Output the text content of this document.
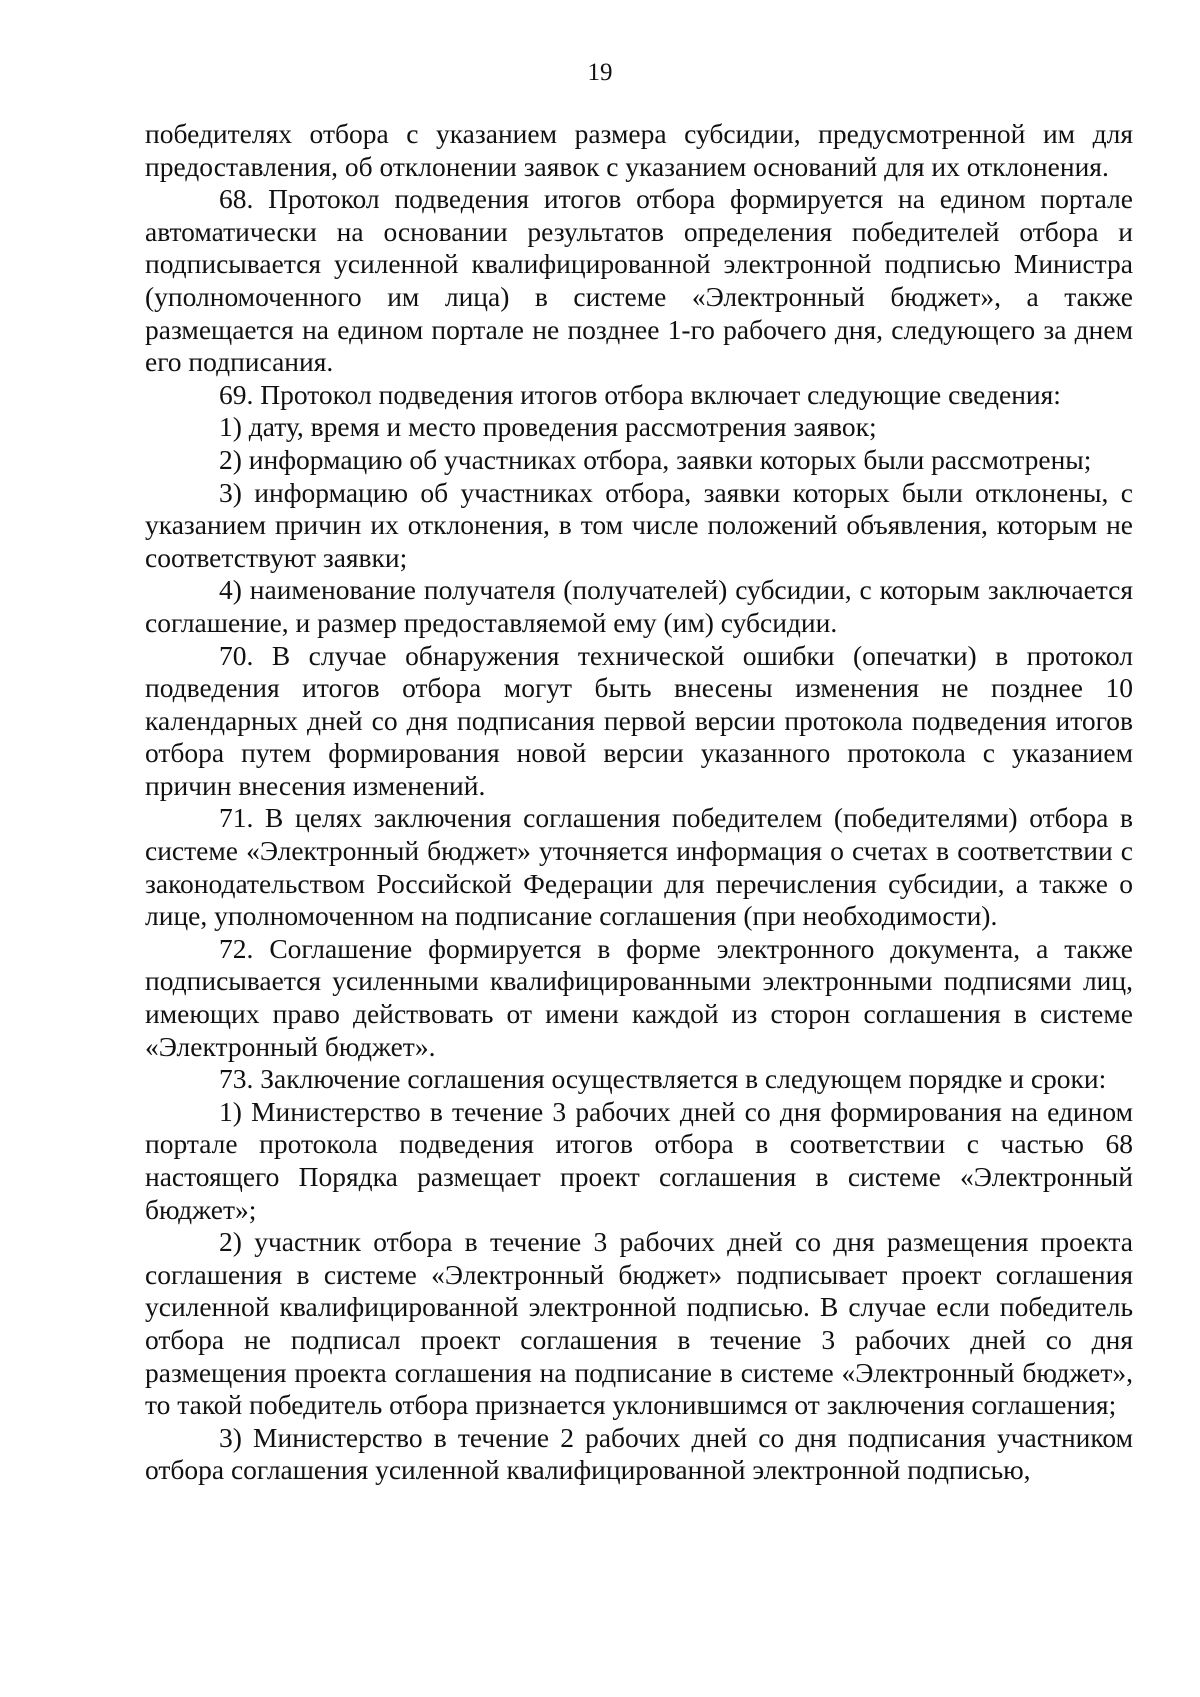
19

победителях отбора с указанием размера субсидии, предусмотренной им для предоставления, об отклонении заявок с указанием оснований для их отклонения.

68. Протокол подведения итогов отбора формируется на едином портале автоматически на основании результатов определения победителей отбора и подписывается усиленной квалифицированной электронной подписью Министра (уполномоченного им лица) в системе «Электронный бюджет», а также размещается на едином портале не позднее 1-го рабочего дня, следующего за днем его подписания.

69. Протокол подведения итогов отбора включает следующие сведения:

1) дату, время и место проведения рассмотрения заявок;

2) информацию об участниках отбора, заявки которых были рассмотрены;

3) информацию об участниках отбора, заявки которых были отклонены, с указанием причин их отклонения, в том числе положений объявления, которым не соответствуют заявки;

4) наименование получателя (получателей) субсидии, с которым заключается соглашение, и размер предоставляемой ему (им) субсидии.

70. В случае обнаружения технической ошибки (опечатки) в протокол подведения итогов отбора могут быть внесены изменения не позднее 10 календарных дней со дня подписания первой версии протокола подведения итогов отбора путем формирования новой версии указанного протокола с указанием причин внесения изменений.

71. В целях заключения соглашения победителем (победителями) отбора в системе «Электронный бюджет» уточняется информация о счетах в соответствии с законодательством Российской Федерации для перечисления субсидии, а также о лице, уполномоченном на подписание соглашения (при необходимости).

72. Соглашение формируется в форме электронного документа, а также подписывается усиленными квалифицированными электронными подписями лиц, имеющих право действовать от имени каждой из сторон соглашения в системе «Электронный бюджет».

73. Заключение соглашения осуществляется в следующем порядке и сроки:

1) Министерство в течение 3 рабочих дней со дня формирования на едином портале протокола подведения итогов отбора в соответствии с частью 68 настоящего Порядка размещает проект соглашения в системе «Электронный бюджет»;

2) участник отбора в течение 3 рабочих дней со дня размещения проекта соглашения в системе «Электронный бюджет» подписывает проект соглашения усиленной квалифицированной электронной подписью. В случае если победитель отбора не подписал проект соглашения в течение 3 рабочих дней со дня размещения проекта соглашения на подписание в системе «Электронный бюджет», то такой победитель отбора признается уклонившимся от заключения соглашения;

3) Министерство в течение 2 рабочих дней со дня подписания участником отбора соглашения усиленной квалифицированной электронной подписью,
